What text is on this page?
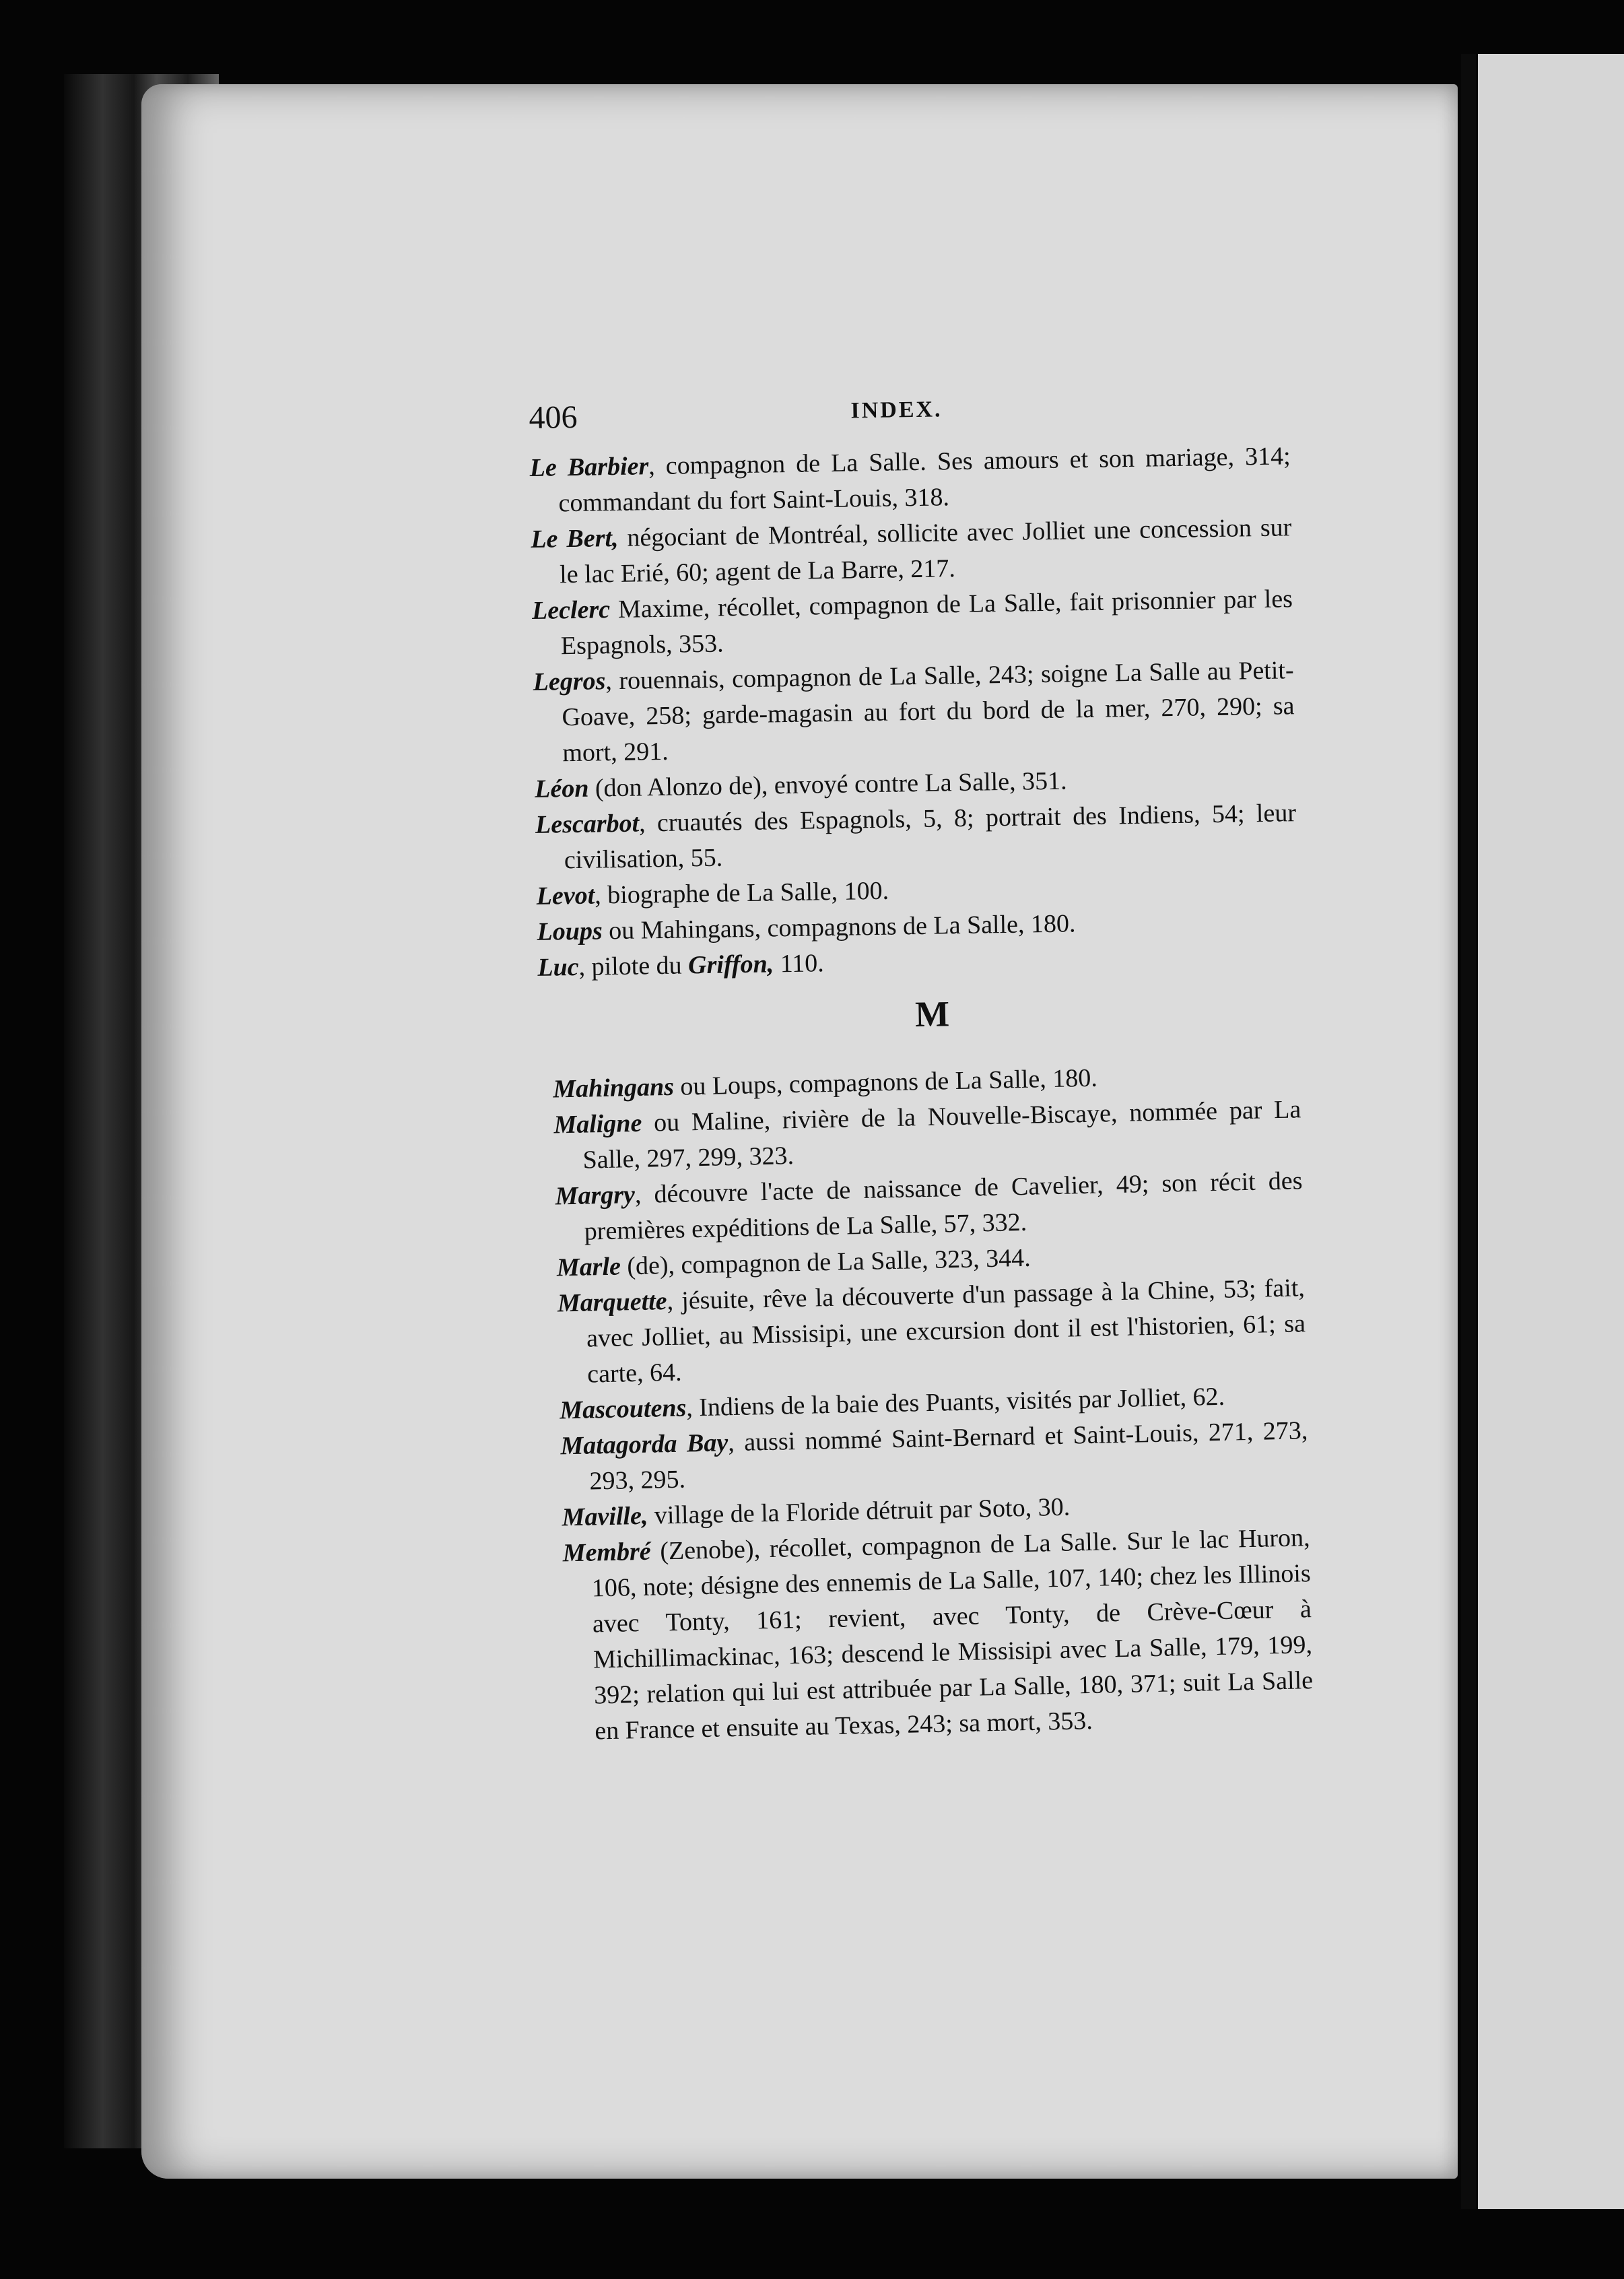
406	INDEX.

Le Barbier, compagnon de La Salle. Ses amours et son mariage, 314; commandant du fort Saint-Louis, 318.

Le Bert, négociant de Montréal, sollicite avec Jolliet une concession sur le lac Erié, 60; agent de La Barre, 217.

Leclerc Maxime, récollet, compagnon de La Salle, fait prisonnier par les Espagnols, 353.

Legros, rouennais, compagnon de La Salle, 243; soigne La Salle au Petit-Goave, 258; garde-magasin au fort du bord de la mer, 270, 290; sa mort, 291.

Léon (don Alonzo de), envoyé contre La Salle, 351.

Lescarbot, cruautés des Espagnols, 5, 8; portrait des Indiens, 54; leur civilisation, 55.

Levot, biographe de La Salle, 100.

Loups ou Mahingans, compagnons de La Salle, 180.

Luc, pilote du Griffon, 110.

M

Mahingans ou Loups, compagnons de La Salle, 180.

Maligne ou Maline, rivière de la Nouvelle-Biscaye, nommée par La Salle, 297, 299, 323.

Margry, découvre l'acte de naissance de Cavelier, 49; son récit des premières expéditions de La Salle, 57, 332.

Marle (de), compagnon de La Salle, 323, 344.

Marquette, jésuite, rêve la découverte d'un passage à la Chine, 53; fait, avec Jolliet, au Missisipi, une excursion dont il est l'historien, 61; sa carte, 64.

Mascoutens, Indiens de la baie des Puants, visités par Jolliet, 62.

Matagorda Bay, aussi nommé Saint-Bernard et Saint-Louis, 271, 273, 293, 295.

Maville, village de la Floride détruit par Soto, 30.

Membré (Zenobe), récollet, compagnon de La Salle. Sur le lac Huron, 106, note; désigne des ennemis de La Salle, 107, 140; chez les Illinois avec Tonty, 161; revient, avec Tonty, de Crève-Cœur à Michillimackinac, 163; descend le Missisipi avec La Salle, 179, 199, 392; relation qui lui est attribuée par La Salle, 180, 371; suit La Salle en France et ensuite au Texas, 243; sa mort, 353.
